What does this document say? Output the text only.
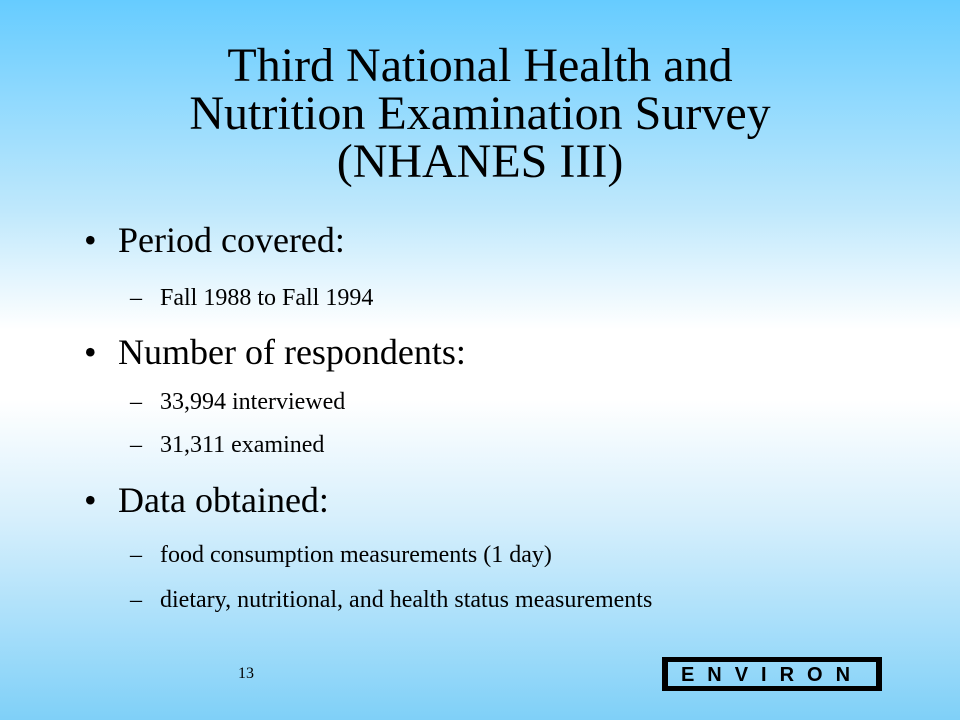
Third National Health and
Nutrition Examination Survey
(NHANES III)
• Period covered:
– Fall 1988 to Fall 1994
• Number of respondents:
– 33,994 interviewed
– 31,311 examined
• Data obtained:
– food consumption measurements (1 day)
– dietary, nutritional, and health status measurements
13	ENVIRON
